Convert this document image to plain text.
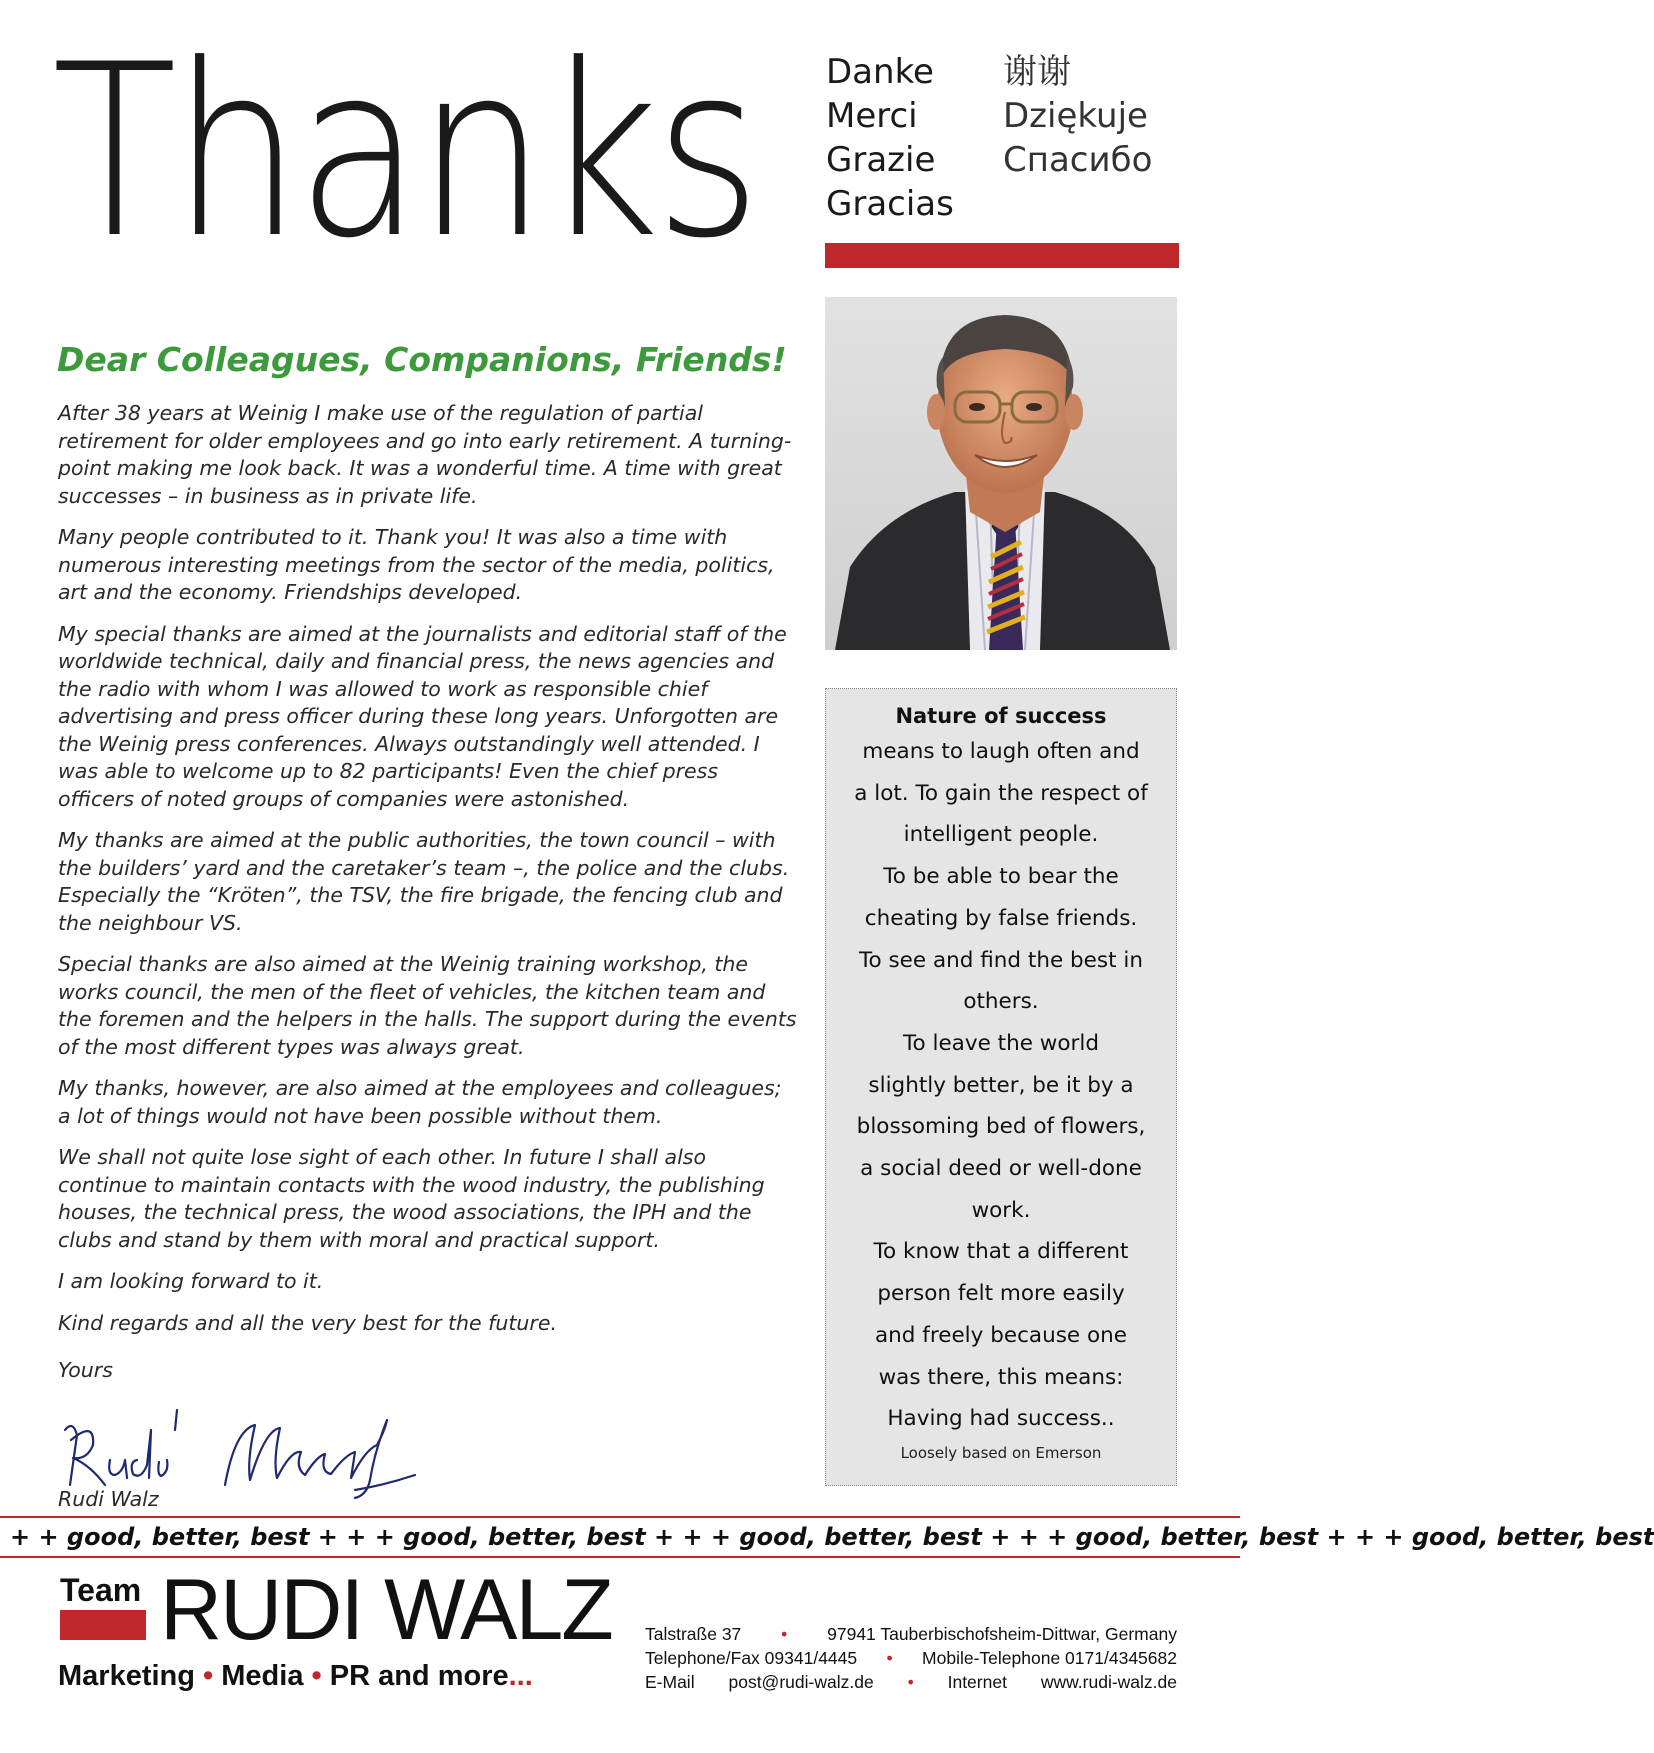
Thanks Danke
Merci
Grazie
Gracias
谢谢
Dziękuje
Спасибо
Dear Colleagues, Companions, Friends!

After 38 years at Weinig I make use of the regulation of partial retirement for older employees and go into early retirement. A turning-point making me look back. It was a wonderful time. A time with great successes – in business as in private life.

Many people contributed to it. Thank you! It was also a time with numerous interesting meetings from the sector of the media, politics, art and the economy. Friendships developed.

My special thanks are aimed at the journalists and editorial staff of the worldwide technical, daily and financial press, the news agencies and the radio with whom I was allowed to work as responsible chief advertising and press officer during these long years. Unforgotten are the Weinig press conferences. Always outstandingly well attended. I was able to welcome up to 82 participants! Even the chief press officers of noted groups of companies were astonished.

My thanks are aimed at the public authorities, the town council – with the builders’ yard and the caretaker’s team –, the police and the clubs. Especially the “Kröten”, the TSV, the fire brigade, the fencing club and the neighbour VS.

Special thanks are also aimed at the Weinig training workshop, the works council, the men of the fleet of vehicles, the kitchen team and the foremen and the helpers in the halls. The support during the events of the most different types was always great.

My thanks, however, are also aimed at the employees and colleagues; a lot of things would not have been possible without them.

We shall not quite lose sight of each other. In future I shall also continue to maintain contacts with the wood industry, the publishing houses, the technical press, the wood associations, the IPH and the clubs and stand by them with moral and practical support.

I am looking forward to it.

Kind regards and all the very best for the future.

Yours
Rudi Walz
Nature of success
means to laugh often and
a lot. To gain the respect of
intelligent people.
To be able to bear the
cheating by false friends.
To see and find the best in
others.
To leave the world
slightly better, be it by a
blossoming bed of flowers,
a social deed or well-done
work.
To know that a different
person felt more easily
and freely because one
was there, this means:
Having had success..
Loosely based on Emerson
+ + good, better, best + + + good, better, best + + + good, better, best + + + good, better, best + + + good, better, best
Team RUDI WALZ
Marketing • Media • PR and more...
Talstraße 37 • 97941 Tauberbischofsheim-Dittwar, Germany
Telephone/Fax 09341/4445 • Mobile-Telephone 0171/4345682
E-Mail post@rudi-walz.de • Internet www.rudi-walz.de
